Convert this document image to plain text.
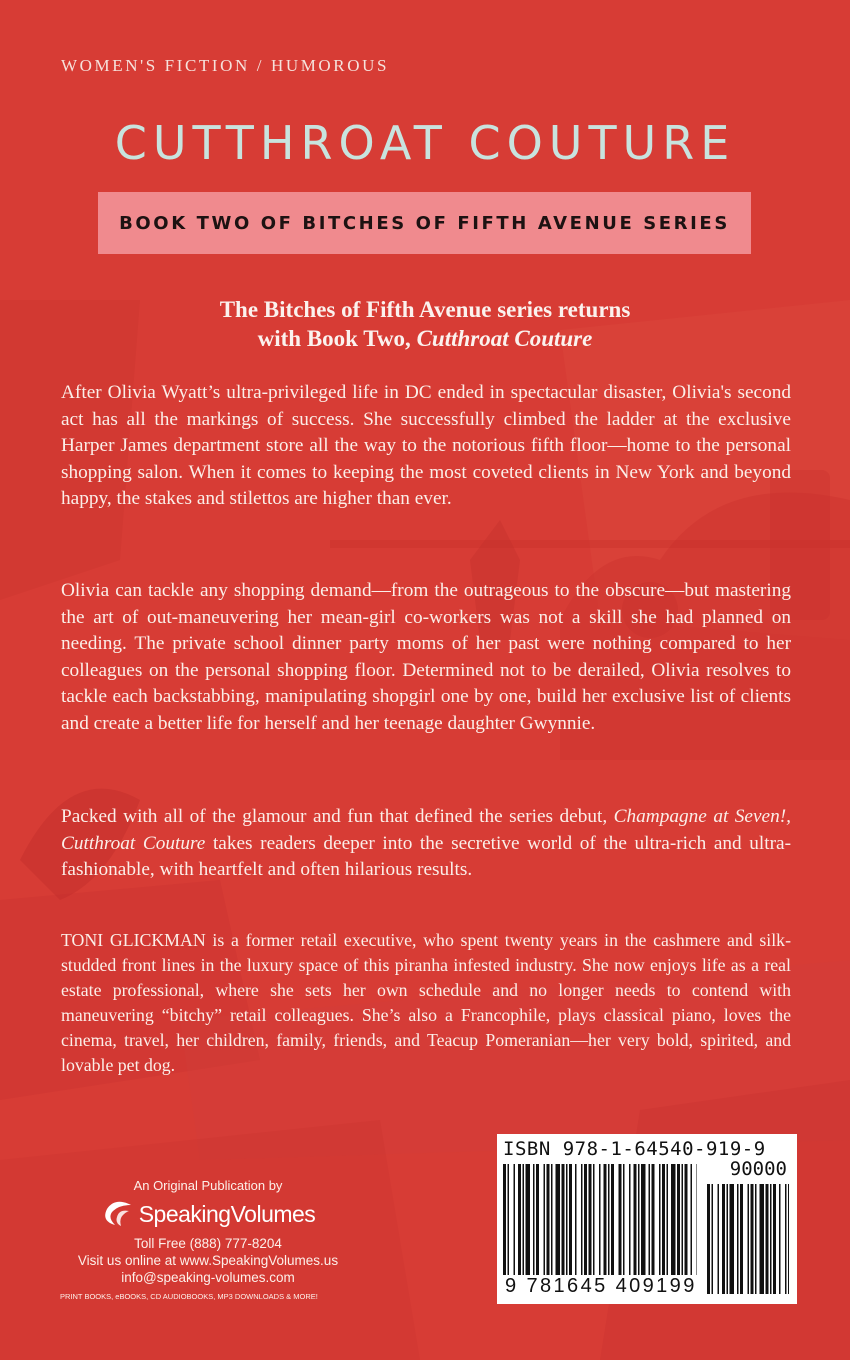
WOMEN'S FICTION / HUMOROUS
CUTTHROAT COUTURE
BOOK TWO OF BITCHES OF FIFTH AVENUE SERIES
The Bitches of Fifth Avenue series returns
with Book Two, Cutthroat Couture

After Olivia Wyatt’s ultra-privileged life in DC ended in spectacular disaster, Olivia's second act has all the markings of success. She successfully climbed the ladder at the exclusive Harper James department store all the way to the notorious fifth floor—home to the personal shopping salon. When it comes to keeping the most coveted clients in New York and beyond happy, the stakes and stilettos are higher than ever.

Olivia can tackle any shopping demand—from the outrageous to the obscure—but mastering the art of out-maneuvering her mean-girl co-workers was not a skill she had planned on needing. The private school dinner party moms of her past were nothing compared to her colleagues on the personal shopping floor. Determined not to be derailed, Olivia resolves to tackle each backstabbing, manipulating shopgirl one by one, build her exclusive list of clients and create a better life for herself and her teenage daughter Gwynnie.

Packed with all of the glamour and fun that defined the series debut, Champagne at Seven!, Cutthroat Couture takes readers deeper into the secretive world of the ultra-rich and ultra-fashionable, with heartfelt and often hilarious results.

TONI GLICKMAN is a former retail executive, who spent twenty years in the cashmere and silk-studded front lines in the luxury space of this piranha infested industry. She now enjoys life as a real estate professional, where she sets her own schedule and no longer needs to contend with maneuvering “bitchy” retail colleagues. She’s also a Francophile, plays classical piano, loves the cinema, travel, her children, family, friends, and Teacup Pomeranian—her very bold, spirited, and lovable pet dog.

An Original Publication by
SpeakingVolumes
Toll Free (888) 777-8204
Visit us online at www.SpeakingVolumes.us
info@speaking-volumes.com
PRINT BOOKS, eBOOKS, CD AUDIOBOOKS, MP3 DOWNLOADS & MORE!
ISBN 978-1-64540-919-9
90000
9 781645 409199
